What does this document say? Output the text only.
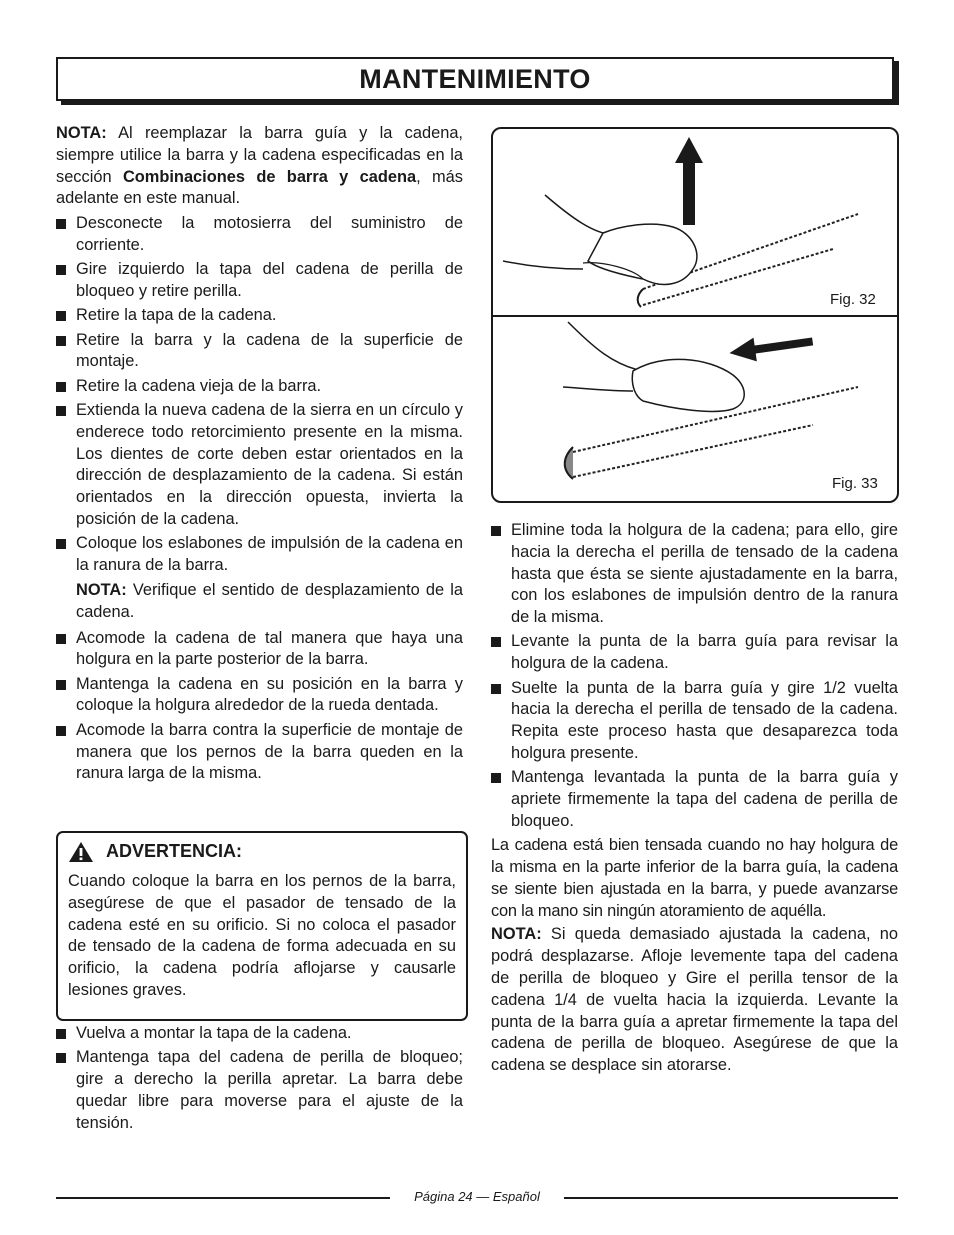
MANTENIMIENTO

NOTA: Al reemplazar la barra guía y la cadena, siempre utilice la barra y la cadena especificadas en la sección Combinaciones de barra y cadena, más adelante en este manual.

Desconecte la motosierra del suministro de corriente.
Gire izquierdo la tapa del cadena de perilla de bloqueo y retire perilla.
Retire la tapa de la cadena.
Retire la barra y la cadena de la superficie de montaje.
Retire la cadena vieja de la barra.
Extienda la nueva cadena de la sierra en un círculo y enderece todo retorcimiento presente en la misma. Los dientes de corte deben estar orientados en la dirección de desplazamiento de la cadena. Si están orientados en la dirección opuesta, invierta la posición de la cadena.
Coloque los eslabones de impulsión de la cadena en la ranura de la barra.

NOTA: Verifique el sentido de desplazamiento de la cadena.

Acomode la cadena de tal manera que haya una holgura en la parte posterior de la barra.
Mantenga la cadena en su posición en la barra y coloque la holgura alrededor de la rueda dentada.
Acomode la barra contra la superficie de montaje de manera que los pernos de la barra queden en la ranura larga de la misma.
ADVERTENCIA:

Cuando coloque la barra en los pernos de la barra, asegúrese de que el pasador de tensado de la cadena esté en su orificio. Si no coloca el pasador de tensado de la cadena de forma adecuada en su orificio, la cadena podría aflojarse y causarle lesiones graves.

Vuelva a montar la tapa de la cadena.
Mantenga tapa del cadena de perilla de bloqueo; gire a derecho la perilla apretar. La barra debe quedar libre para moverse para el ajuste de la tensión.
Fig. 32
Fig. 33
Elimine toda la holgura de la cadena; para ello, gire hacia la derecha el perilla de tensado de la cadena hasta que ésta se siente ajustadamente en la barra, con los eslabones de impulsión dentro de la ranura de la misma.
Levante la punta de la barra guía para revisar la holgura de la cadena.
Suelte la punta de la barra guía y gire 1/2 vuelta hacia la derecha el perilla de tensado de la cadena. Repita este proceso hasta que desaparezca toda holgura presente.
Mantenga levantada la punta de la barra guía y apriete firmemente la tapa del cadena de perilla de bloqueo.

La cadena está bien tensada cuando no hay holgura de la misma en la parte inferior de la barra guía, la cadena se siente bien ajustada en la barra, y puede avanzarse con la mano sin ningún atoramiento de aquélla.

NOTA: Si queda demasiado ajustada la cadena, no podrá desplazarse. Afloje levemente tapa del cadena de perilla de bloqueo y Gire el perilla tensor de la cadena 1/4 de vuelta hacia la izquierda. Levante la punta de la barra guía a apretar firmemente la tapa del cadena de perilla de bloqueo. Asegúrese de que la cadena se desplace sin atorarse.

Página 24 — Español
